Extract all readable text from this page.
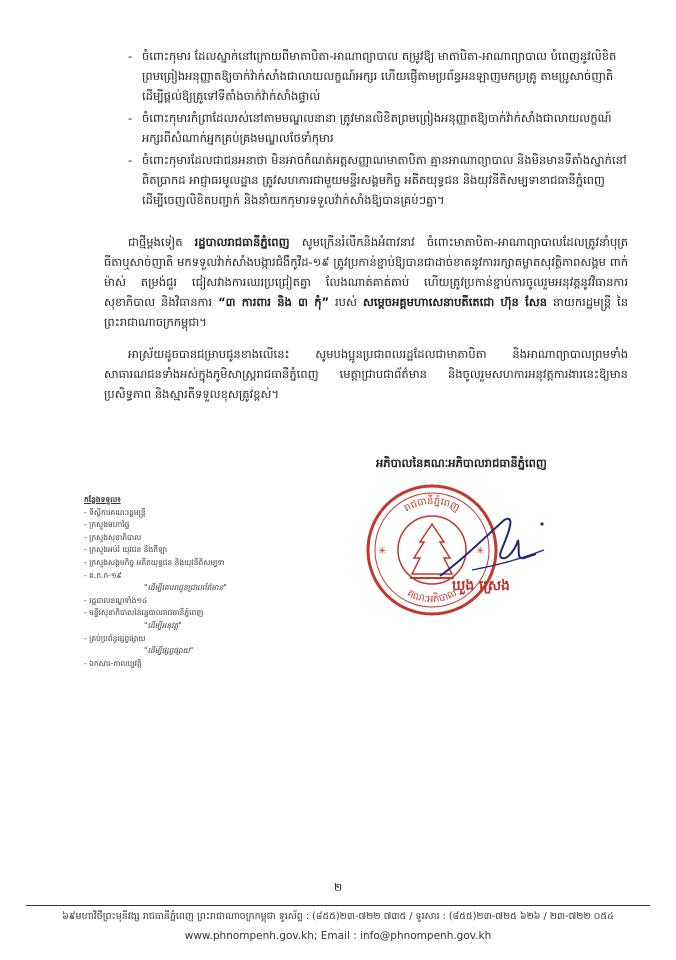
- ចំពោះកុមារ ដែលស្នាក់នៅក្រោយពីមាតាបិតា-អាណាព្យាបាល តម្រូវឱ្យ មាតាបិតា-អាណាព្យាបាល បំពេញនូវលិខិតព្រមព្រៀងអនុញ្ញាតឱ្យចាក់វ៉ាក់សាំងជាលាយលក្ខណ៍អក្សរ ហើយផ្ញើតាមប្រព័ន្ធអនឡាញមកប្រគ្រូ តាមប្រូសាច់ញាតិ ដើម្បីផ្តល់ឱ្យគ្រូទៅទីតាំងចាក់វ៉ាក់សាំងផ្ទាល់
- ចំពោះកុមារកំព្រាដែលរស់នៅតាមមណ្ឌលនានា ត្រូវមានលិខិតព្រមព្រៀងអនុញ្ញាតឱ្យចាក់វ៉ាក់សាំងជាលាយលក្ខណ៍អក្សរពីសំណាក់អ្នកគ្រប់គ្រងមណ្ឌលថែទាំកុមារ
- ចំពោះកុមារដែលជាជនអនាថា មិនអាចកំណត់អត្តសញ្ញាណមាតាបិតា គ្មានអាណាព្យាបាល និងមិនមានទីតាំងស្នាក់នៅពិតប្រាកដ អាជ្ញាធរមូលដ្ឋាន ត្រូវសហការជាមួយមន្ទីរសង្គមកិច្ច អតីតយុទ្ធជន និងយុវនីតិសម្បទាខាជធានីភ្នំពេញ ដើម្បីចេញលិខិតបញ្ជាក់ និងនាំយកកុមារទទួលវ៉ាក់សាំងឱ្យបានគ្រប់ៗគ្នា។
ជាថ្មីម្តងទៀត រដ្ឋបាលរាជធានីភ្នំពេញ សូមក្រើនរំលឹកនិងអំពាវនាវ ចំពោះមាតាបិតា-អាណាព្យាបាលដែលត្រូវនាំបុត្រធីតាឬសាច់ញាតិ មកទទួលវ៉ាក់សាំងបង្ការជំងឺកូវីដ-១៩ ត្រូវប្រកាន់ខ្ជាប់ឱ្យបានជាដាច់ខាតនូវការរក្សាគម្លាតសុវត្ថិភាពសង្គម ពាក់ម៉ាស់ តម្រង់ជួរ ជៀសវាងការឈរប្រជ្រៀតគ្នា លែងណាត់គាត់តាប់ ហើយត្រូវប្រកាន់ខ្ជាប់ការចូលរួមអនុវត្តនូវវិធានការសុខាភិបាល និងវិធានការ “៣ ការពារ និង ៣ កុំ” របស់ សម្តេចអគ្គមហាសេនាបតីតេជោ ហ៊ុន សែន នាយករដ្ឋមន្ត្រី នៃព្រះរាជាណាចក្រកម្ពុជា។
អាស្រ័យដូចបានជម្រាបជូនខាងលើនេះ សូមបងប្អូនប្រជាពលរដ្ឋដែលជាមាតាបិតា និងអាណាព្យាបាលព្រមទាំងសាធារណជនទាំងអស់ក្នុងភូមិសាស្ត្ររាជធានីភ្នំពេញ មេត្តាជ្រាបជាព័ត៌មាន និងចូលរួមសហការអនុវត្តការងារនេះឱ្យមានប្រសិទ្ធភាព និងស្មារតីទទួលខុសត្រូវខ្ពស់។
អភិបាលនៃគណៈអភិបាលរាជធានីភ្នំពេញ
រាជធានីភ្នំពេញ
គណៈអភិបាល
✳	✳
ឃួង ស្រេង
កន្លែងទទួល៖
- ទីស្តីការគណៈរដ្ឋមន្ត្រី
- ក្រសួងមហាផ្ទៃ
- ក្រសួងសុខាភិបាល
- ក្រសួងអប់រំ យុវជន និងកីឡា
- ក្រសួងសង្គមកិច្ច អតីតយុទ្ធជន និងយុវនីតិសម្បទា
- គ.ក.ក-១៩
"ដើម្បីគោរពជូនជ្រាបព័ត៌មាន"
- រដ្ឋបាលខណ្ឌទាំង១៤
- មន្ទីរសុខាភិបាលនៃរដ្ឋបាលរាជធានីភ្នំពេញ
"ដើម្បីអនុវត្ត"
- គ្រប់ប្រព័ន្ធផ្សព្វផ្សាយ
"ដើម្បីផ្សព្វផ្សាយ"
- ឯកសារ-កាលប្បវត្តិ
២
៦៩មហាវិថីព្រះមុនីវង្ស រាជធានីភ្នំពេញ ព្រះរាជាណាចក្រកម្ពុជា ទូរស័ព្ទ : (៨៥៥)២៣-៧២២ ៧៣៥ / ទូរសារ : (៨៥៥)២៣-៧២៥ ៦២៦ / ២៣-៧២២ ០៥៤
www.phnompenh.gov.kh; Email : info@phnompenh.gov.kh
